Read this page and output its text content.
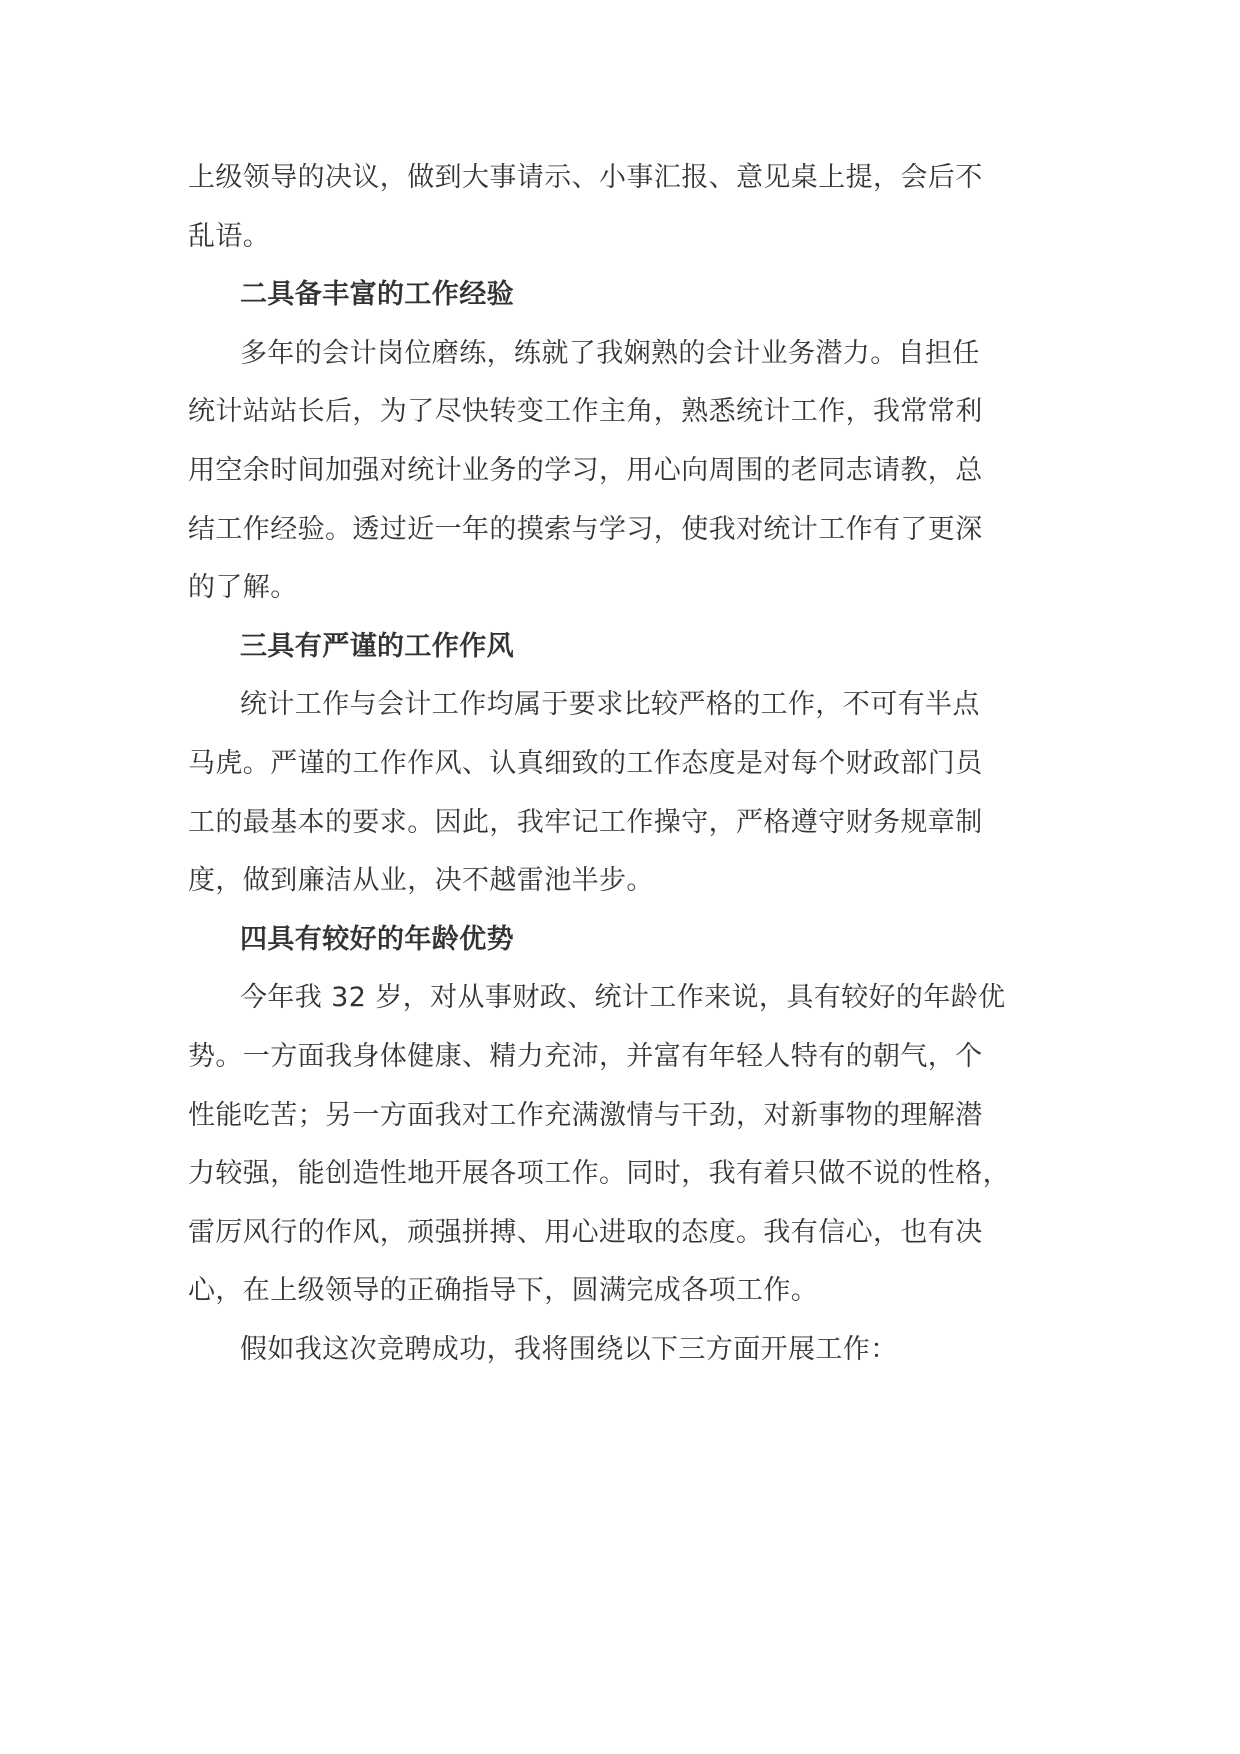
上级领导的决议，做到大事请示、小事汇报、意见桌上提，会后不

乱语。

二具备丰富的工作经验

多年的会计岗位磨练，练就了我娴熟的会计业务潜力。自担任

统计站站长后，为了尽快转变工作主角，熟悉统计工作，我常常利

用空余时间加强对统计业务的学习，用心向周围的老同志请教，总

结工作经验。透过近一年的摸索与学习，使我对统计工作有了更深

的了解。

三具有严谨的工作作风

统计工作与会计工作均属于要求比较严格的工作，不可有半点

马虎。严谨的工作作风、认真细致的工作态度是对每个财政部门员

工的最基本的要求。因此，我牢记工作操守，严格遵守财务规章制

度，做到廉洁从业，决不越雷池半步。

四具有较好的年龄优势

今年我 32 岁，对从事财政、统计工作来说，具有较好的年龄优

势。一方面我身体健康、精力充沛，并富有年轻人特有的朝气，个

性能吃苦；另一方面我对工作充满激情与干劲，对新事物的理解潜

力较强，能创造性地开展各项工作。同时，我有着只做不说的性格，

雷厉风行的作风，顽强拼搏、用心进取的态度。我有信心，也有决

心，在上级领导的正确指导下，圆满完成各项工作。

假如我这次竞聘成功，我将围绕以下三方面开展工作：
